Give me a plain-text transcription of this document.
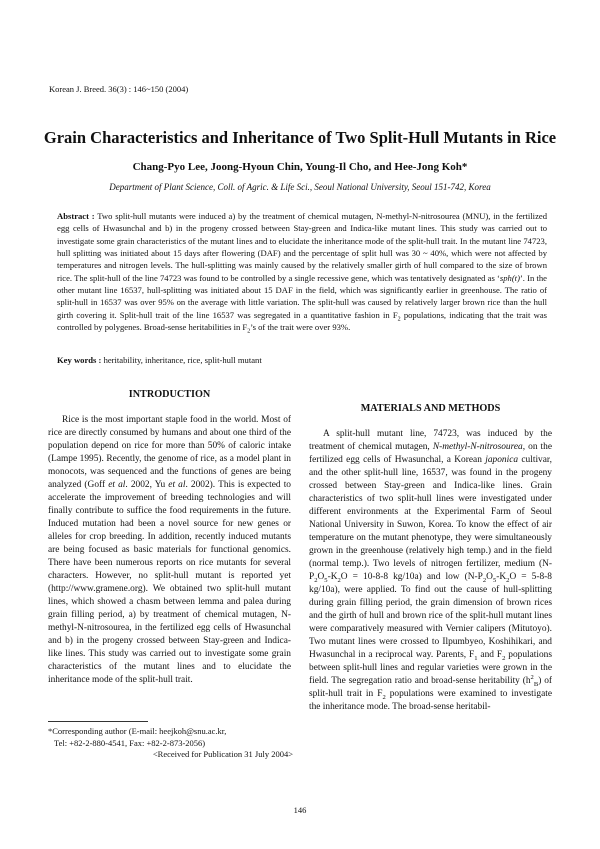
Korean J. Breed. 36(3) : 146~150 (2004)
Grain Characteristics and Inheritance of Two Split-Hull Mutants in Rice
Chang-Pyo Lee, Joong-Hyoun Chin, Young-Il Cho, and Hee-Jong Koh*
Department of Plant Science, Coll. of Agric. & Life Sci., Seoul National University, Seoul 151-742, Korea
Abstract : Two split-hull mutants were induced a) by the treatment of chemical mutagen, N-methyl-N-nitrosourea (MNU), in the fertilized egg cells of Hwasunchal and b) in the progeny crossed between Stay-green and Indica-like mutant lines. This study was carried out to investigate some grain characteristics of the mutant lines and to elucidate the inheritance mode of the split-hull trait. In the mutant line 74723, hull splitting was initiated about 15 days after flowering (DAF) and the percentage of split hull was 30 ~ 40%, which were not affected by temperatures and nitrogen levels. The hull-splitting was mainly caused by the relatively smaller girth of hull compared to the size of brown rice. The split-hull of the line 74723 was found to be controlled by a single recessive gene, which was tentatively designated as ‘sph(t)’. In the other mutant line 16537, hull-splitting was initiated about 15 DAF in the field, which was significantly earlier in greenhouse. The ratio of split-hull in 16537 was over 95% on the average with little variation. The split-hull was caused by relatively larger brown rice than the hull girth covering it. Split-hull trait of the line 16537 was segregated in a quantitative fashion in $F_2$ populations, indicating that the trait was controlled by polygenes. Broad-sense heritabilities in $F_2’s$ of the trait were over 93%.
Key words : heritability, inheritance, rice, split-hull mutant

INTRODUCTION

Rice is the most important staple food in the world. Most of rice are directly consumed by humans and about one third of the population depend on rice for more than 50% of caloric intake (Lampe 1995). Recently, the genome of rice, as a model plant in monocots, was sequenced and the functions of genes are being analyzed (Goff et al. 2002, Yu et al. 2002). This is expected to accelerate the improvement of breeding technologies and will finally contribute to suffice the food requirements in the future. Induced mutation had been a novel source for new genes or alleles for crop breeding. In addition, recently induced mutants are being focused as basic materials for functional genomics. There have been numerous reports on rice mutants for several characters. However, no split-hull mutant is reported yet (http://www.gramene.org). We obtained two split-hull mutant lines, which showed a chasm between lemma and palea during grain filling period, a) by treatment of chemical mutagen, N-methyl-N-nitrosourea, in the fertilized egg cells of Hwasunchal and b) in the progeny crossed between Stay-green and Indica-like lines. This study was carried out to investigate some grain characteristics of the mutant lines and to elucidate the inheritance mode of the split-hull trait.

MATERIALS AND METHODS

A split-hull mutant line, 74723, was induced by the treatment of chemical mutagen, N-methyl-N-nitrosourea, on the fertilized egg cells of Hwasunchal, a Korean japonica cultivar, and the other split-hull line, 16537, was found in the progeny crossed between Stay-green and Indica-like lines. Grain characteristics of two split-hull lines were investigated under different environments at the Experimental Farm of Seoul National University in Suwon, Korea. To know the effect of air temperature on the mutant phenotype, they were simultaneously grown in the greenhouse (relatively high temp.) and in the field (normal temp.). Two levels of nitrogen fertilizer, medium ($N-P_2O_5-K_2O = 10-8-8$ kg/10a) and low ($N-P_2O_5-K_2O = 5-8-8$ kg/10a), were applied. To find out the cause of hull-splitting during grain filling period, the grain dimension of brown rices and the girth of hull and brown rice of the split-hull mutant lines were comparatively measured with Vernier calipers (Mitutoyo). Two mutant lines were crossed to Ilpumbyeo, Koshihikari, and Hwasunchal in a reciprocal way. Parents, $F_1$ and $F_2$ populations between split-hull lines and regular varieties were grown in the field. The segregation ratio and broad-sense heritability $(h^2_B)$ of split-hull trait in $F_2$ populations were examined to investigate the inheritance mode. The broad-sense heritabil-

*Corresponding author (E-mail: heejkoh@snu.ac.kr,
Tel: +82-2-880-4541, Fax: +82-2-873-2056)
<Received for Publication 31 July 2004>
146
